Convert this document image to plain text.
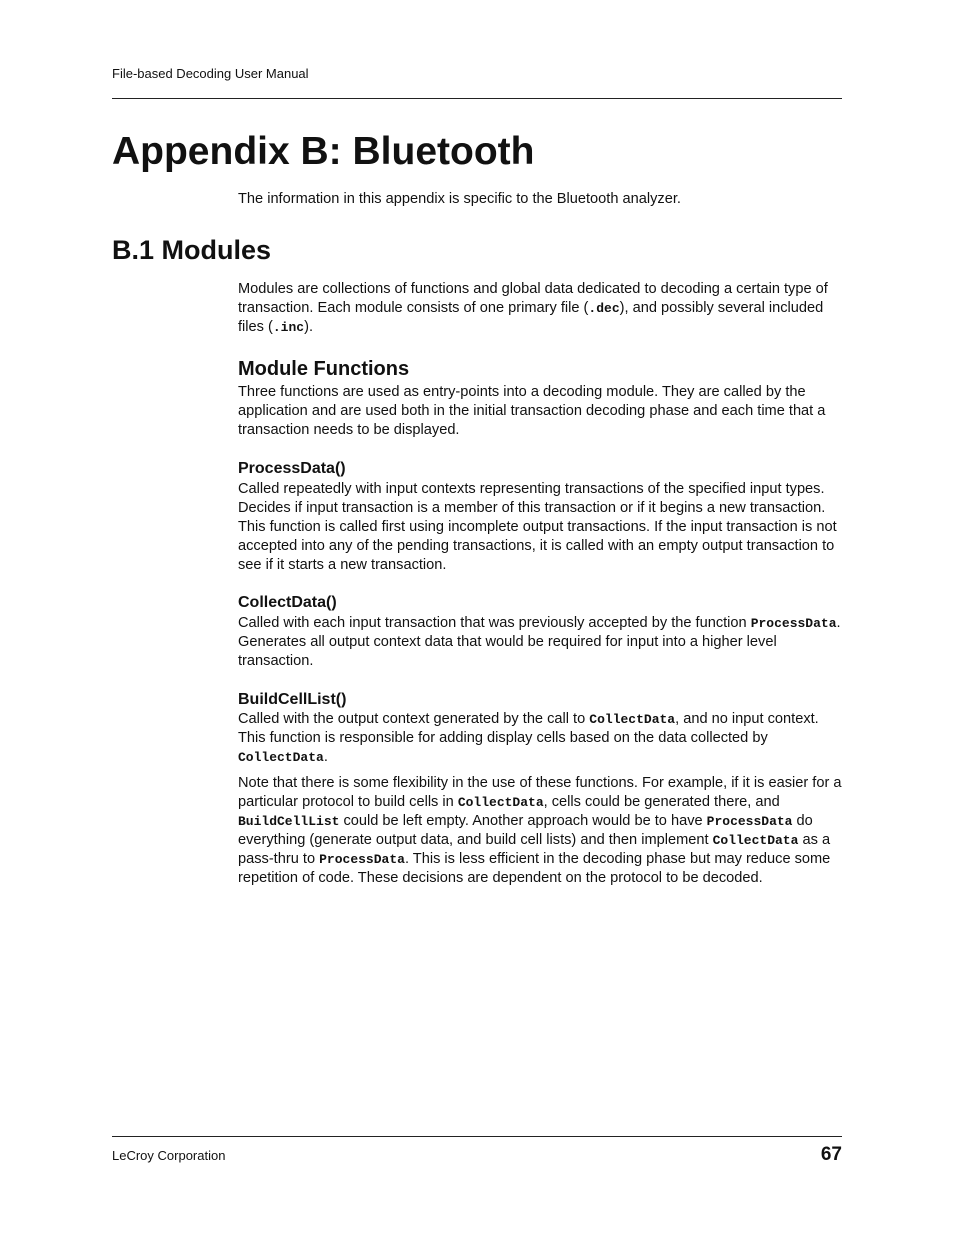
File-based Decoding User Manual
Appendix B: Bluetooth

The information in this appendix is specific to the Bluetooth analyzer.

B.1 Modules

Modules are collections of functions and global data dedicated to decoding a certain type of transaction. Each module consists of one primary file (.dec), and possibly several included files (.inc).

Module Functions

Three functions are used as entry-points into a decoding module. They are called by the application and are used both in the initial transaction decoding phase and each time that a transaction needs to be displayed.

ProcessData()

Called repeatedly with input contexts representing transactions of the specified input types. Decides if input transaction is a member of this transaction or if it begins a new transaction. This function is called first using incomplete output transactions. If the input transaction is not accepted into any of the pending transactions, it is called with an empty output transaction to see if it starts a new transaction.

CollectData()

Called with each input transaction that was previously accepted by the function ProcessData. Generates all output context data that would be required for input into a higher level transaction.

BuildCellList()

Called with the output context generated by the call to CollectData, and no input context. This function is responsible for adding display cells based on the data collected by CollectData.

Note that there is some flexibility in the use of these functions. For example, if it is easier for a particular protocol to build cells in CollectData, cells could be generated there, and BuildCellList could be left empty. Another approach would be to have ProcessData do everything (generate output data, and build cell lists) and then implement CollectData as a pass-thru to ProcessData. This is less efficient in the decoding phase but may reduce some repetition of code. These decisions are dependent on the protocol to be decoded.

LeCroy Corporation	67
